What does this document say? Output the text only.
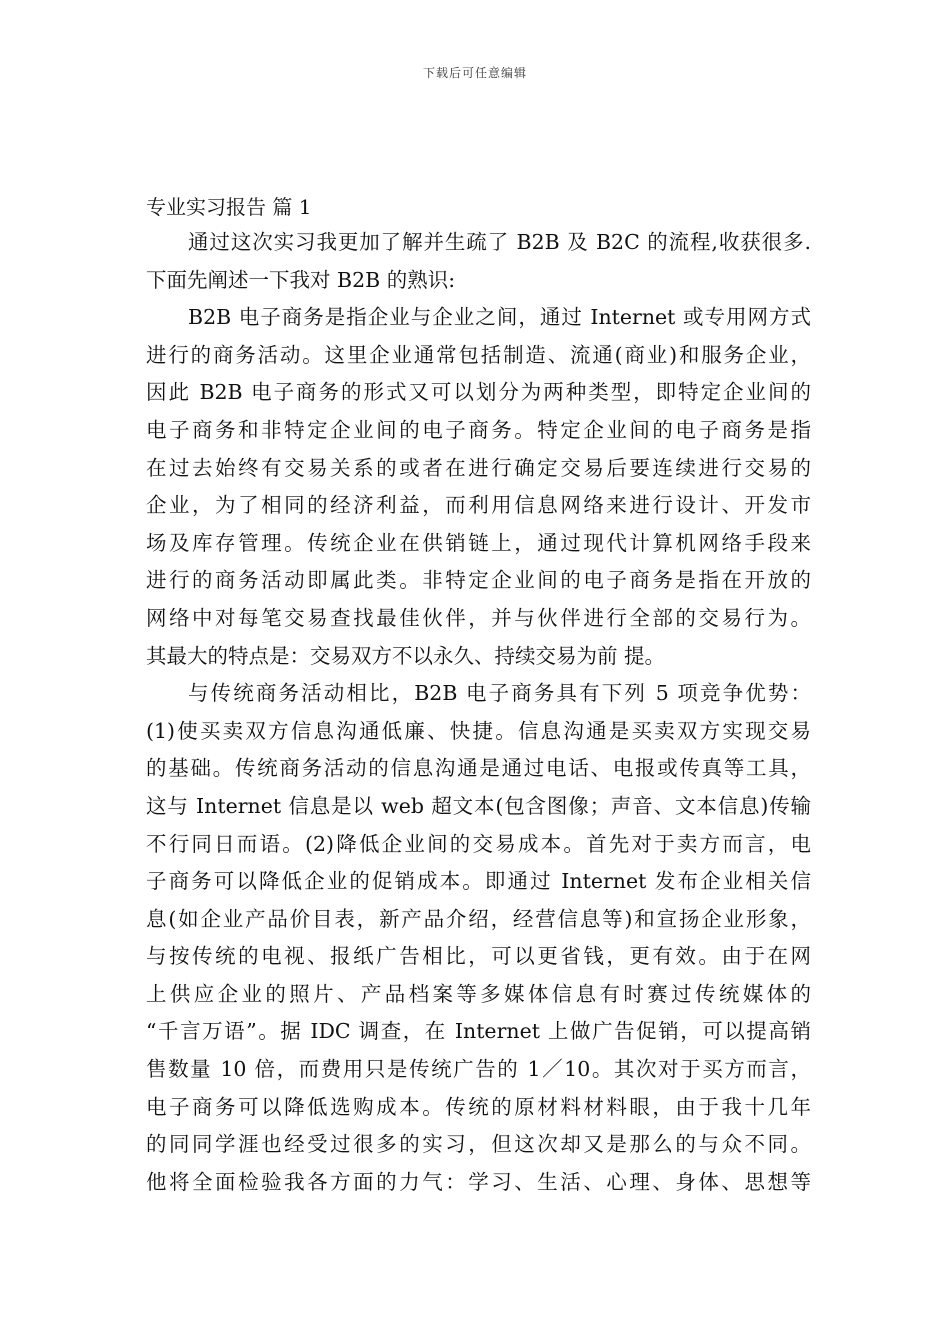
下载后可任意编辑

专业实习报告 篇 1

通过这次实习我更加了解并生疏了 B2B 及 B2C 的流程,收获很多.

下面先阐述一下我对 B2B 的熟识:

B2B 电子商务是指企业与企业之间，通过 Internet 或专用网方式

进行的商务活动。这里企业通常包括制造、流通(商业)和服务企业，

因此 B2B 电子商务的形式又可以划分为两种类型，即特定企业间的

电子商务和非特定企业间的电子商务。特定企业间的电子商务是指

在过去始终有交易关系的或者在进行确定交易后要连续进行交易的

企业，为了相同的经济利益，而利用信息网络来进行设计、开发市

场及库存管理。传统企业在供销链上，通过现代计算机网络手段来

进行的商务活动即属此类。非特定企业间的电子商务是指在开放的

网络中对每笔交易查找最佳伙伴，并与伙伴进行全部的交易行为。

其最大的特点是：交易双方不以永久、持续交易为前 提。

与传统商务活动相比，B2B 电子商务具有下列 5 项竞争优势：

(1)使买卖双方信息沟通低廉、快捷。信息沟通是买卖双方实现交易

的基础。传统商务活动的信息沟通是通过电话、电报或传真等工具，

这与 Internet 信息是以 web 超文本(包含图像；声音、文本信息)传输

不行同日而语。(2)降低企业间的交易成本。首先对于卖方而言，电

子商务可以降低企业的促销成本。即通过 Internet 发布企业相关信

息(如企业产品价目表，新产品介绍，经营信息等)和宣扬企业形象，

与按传统的电视、报纸广告相比，可以更省钱，更有效。由于在网

上供应企业的照片、产品档案等多媒体信息有时赛过传统媒体的

“千言万语”。据 IDC 调查，在 Internet 上做广告促销，可以提高销

售数量 10 倍，而费用只是传统广告的 1／10。其次对于买方而言，

电子商务可以降低选购成本。传统的原材料材料眼，由于我十几年

的同同学涯也经受过很多的实习，但这次却又是那么的与众不同。

他将全面检验我各方面的力气：学习、生活、心理、身体、思想等
